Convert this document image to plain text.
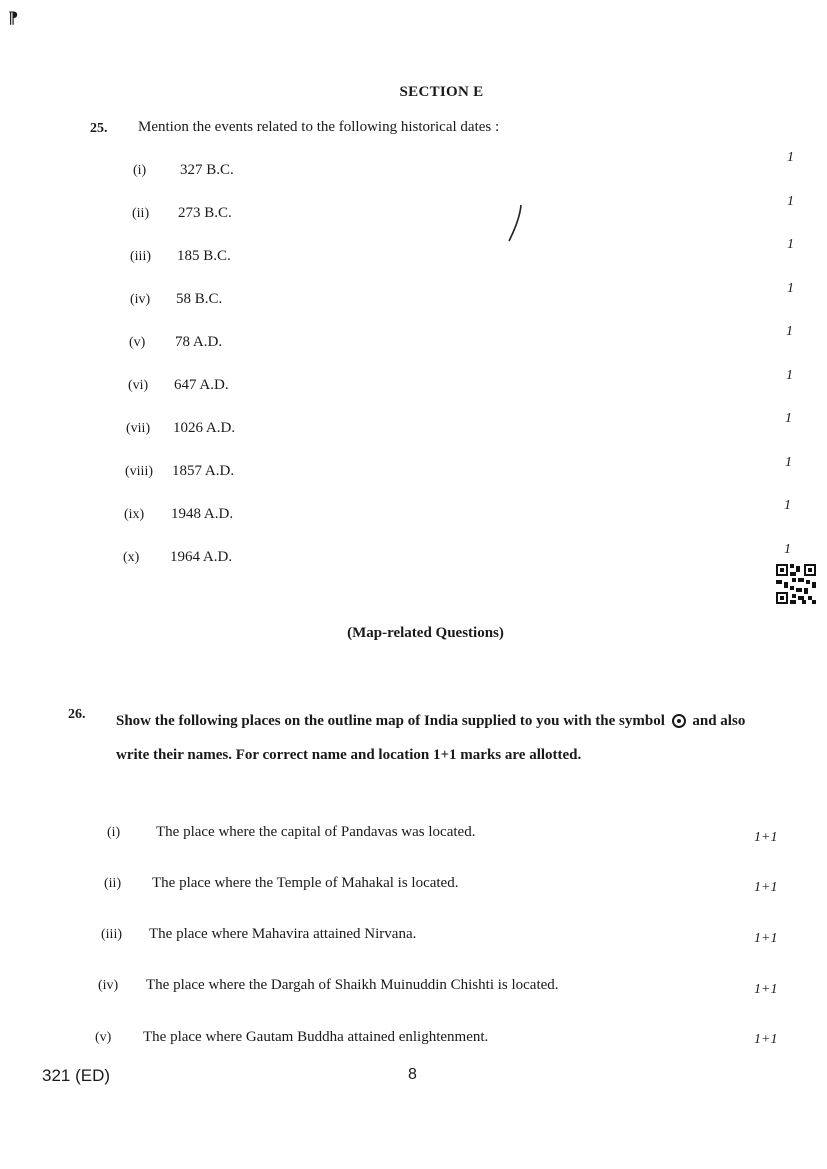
⁋
SECTION E
25. Mention the events related to the following historical dates :
(i) 327 B.C.
1
(ii) 273 B.C.
1
(iii) 185 B.C.
1
(iv) 58 B.C.
1
(v) 78 A.D.
1
(vi) 647 A.D.
1
(vii) 1026 A.D.
1
(viii) 1857 A.D.
1
(ix) 1948 A.D.
1
(x) 1964 A.D.	1
(Map-related Questions)
26. Show the following places on the outline map of India supplied to you with the symbol  and also write their names. For correct name and location 1+1 marks are allotted.
(i) The place where the capital of Pandavas was located.	1+1
(ii) The place where the Temple of Mahakal is located.	1+1
(iii) The place where Mahavira attained Nirvana.	1+1
(iv) The place where the Dargah of Shaikh Muinuddin Chishti is located.	1+1
(v) The place where Gautam Buddha attained enlightenment.	1+1
321 (ED)	8
